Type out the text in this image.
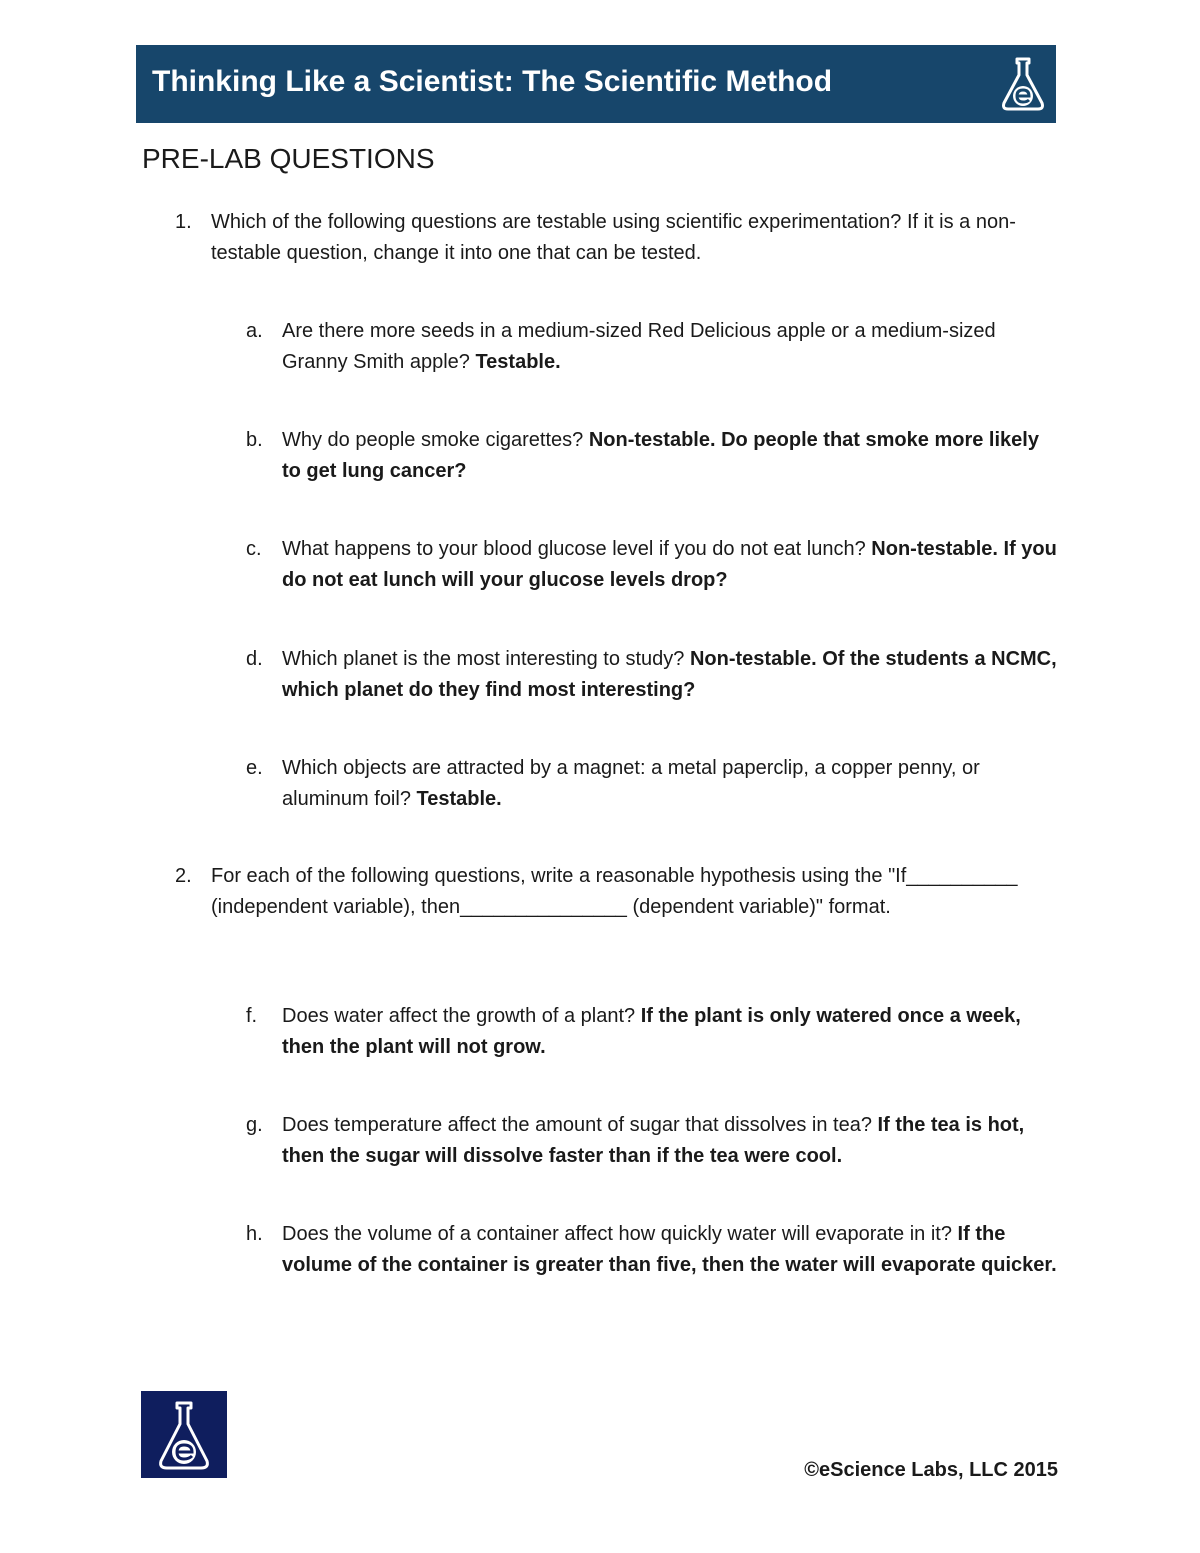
Thinking Like a Scientist: The Scientific Method
PRE-LAB QUESTIONS
1. Which of the following questions are testable using scientific experimentation? If it is a non-testable question, change it into one that can be tested.
a. Are there more seeds in a medium-sized Red Delicious apple or a medium-sized Granny Smith apple? Testable.
b. Why do people smoke cigarettes? Non-testable. Do people that smoke more likely to get lung cancer?
c. What happens to your blood glucose level if you do not eat lunch? Non-testable. If you do not eat lunch will your glucose levels drop?
d. Which planet is the most interesting to study? Non-testable. Of the students a NCMC, which planet do they find most interesting?
e. Which objects are attracted by a magnet: a metal paperclip, a copper penny, or aluminum foil? Testable.
2. For each of the following questions, write a reasonable hypothesis using the "If__________ (independent variable), then_______________ (dependent variable)" format.
f. Does water affect the growth of a plant? If the plant is only watered once a week, then the plant will not grow.
g. Does temperature affect the amount of sugar that dissolves in tea? If the tea is hot, then the sugar will dissolve faster than if the tea were cool.
h. Does the volume of a container affect how quickly water will evaporate in it? If the volume of the container is greater than five, then the water will evaporate quicker.
©eScience Labs, LLC 2015
